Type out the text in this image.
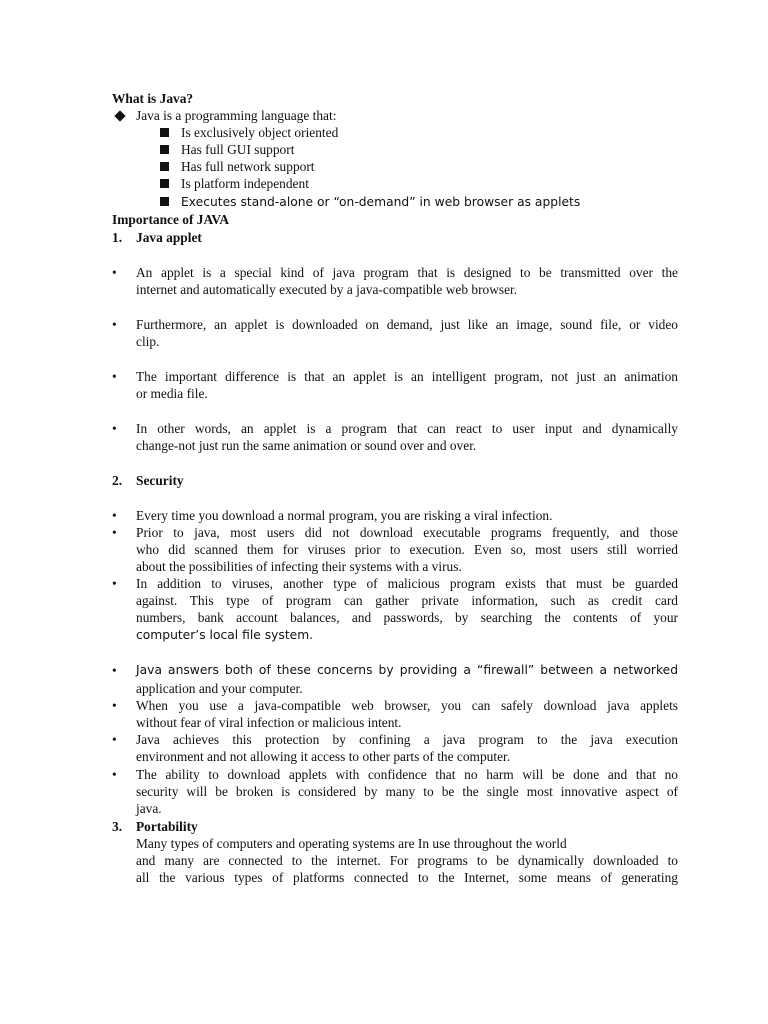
What is Java?
Java is a programming language that:
Is exclusively object oriented
Has full GUI support
Has full network support
Is platform independent
Executes stand-alone or “on-demand” in web browser as applets
Importance of JAVA
1. Java applet
• An applet is a special kind of java program that is designed to be transmitted over the
internet and automatically executed by a java-compatible web browser.
• Furthermore, an applet is downloaded on demand, just like an image, sound file, or video
clip.
• The important difference is that an applet is an intelligent program, not just an animation
or media file.
• In other words, an applet is a program that can react to user input and dynamically
change-not just run the same animation or sound over and over.
2. Security
• Every time you download a normal program, you are risking a viral infection.
• Prior to java, most users did not download executable programs frequently, and those
who did scanned them for viruses prior to execution. Even so, most users still worried
about the possibilities of infecting their systems with a virus.
• In addition to viruses, another type of malicious program exists that must be guarded
against. This type of program can gather private information, such as credit card
numbers, bank account balances, and passwords, by searching the contents of your
computer’s local file system.
• Java answers both of these concerns by providing a “firewall” between a networked
application and your computer.
• When you use a java-compatible web browser, you can safely download java applets
without fear of viral infection or malicious intent.
• Java achieves this protection by confining a java program to the java execution
environment and not allowing it access to other parts of the computer.
• The ability to download applets with confidence that no harm will be done and that no
security will be broken is considered by many to be the single most innovative aspect of
java.
3. Portability
Many types of computers and operating systems are In use throughout the world
and many are connected to the internet. For programs to be dynamically downloaded to
all the various types of platforms connected to the Internet, some means of generating
